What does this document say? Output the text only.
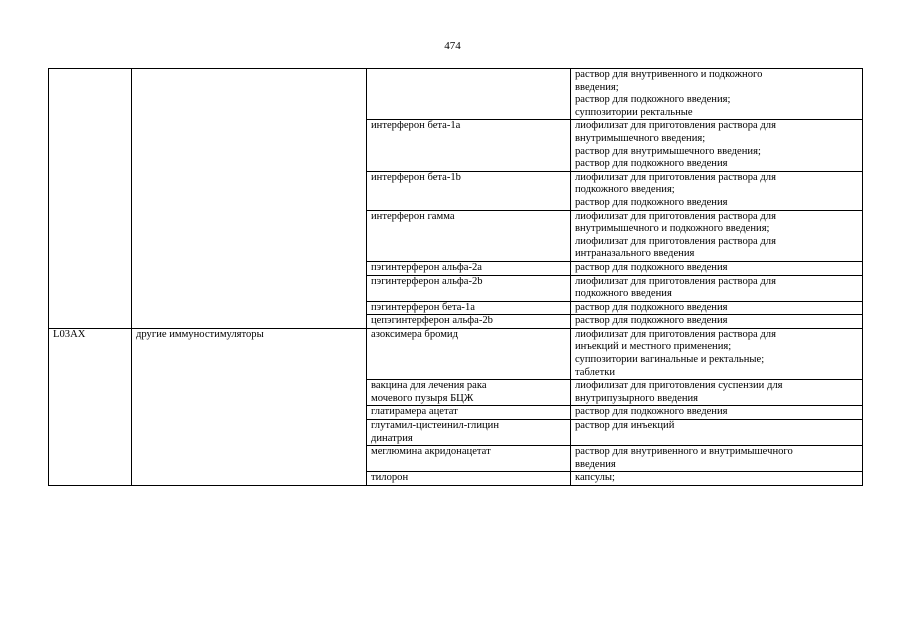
474

			раствор для внутривенного и подкожного
введения;
раствор для подкожного введения;
суппозитории ректальные

		интерферон бета-1a	лиофилизат для приготовления раствора для
внутримышечного введения;
раствор для внутримышечного введения;
раствор для подкожного введения

		интерферон бета-1b	лиофилизат для приготовления раствора для
подкожного введения;
раствор для подкожного введения

		интерферон гамма	лиофилизат для приготовления раствора для
внутримышечного и подкожного введения;
лиофилизат для приготовления раствора для
интраназального введения

		пэгинтерферон альфа-2a	раствор для подкожного введения

		пэгинтерферон альфа-2b	лиофилизат для приготовления раствора для
подкожного введения

		пэгинтерферон бета-1a	раствор для подкожного введения

		цепэгинтерферон альфа-2b	раствор для подкожного введения

L03AX	другие иммуностимуляторы	азоксимера бромид	лиофилизат для приготовления раствора для
инъекций и местного применения;
суппозитории вагинальные и ректальные;
таблетки

		вакцина для лечения рака
мочевого пузыря БЦЖ	лиофилизат для приготовления суспензии для
внутрипузырного введения

		глатирамера ацетат	раствор для подкожного введения

		глутамил-цистеинил-глицин
динатрия	раствор для инъекций

		меглюмина акридонацетат	раствор для внутривенного и внутримышечного
введения

		тилорон	капсулы;
